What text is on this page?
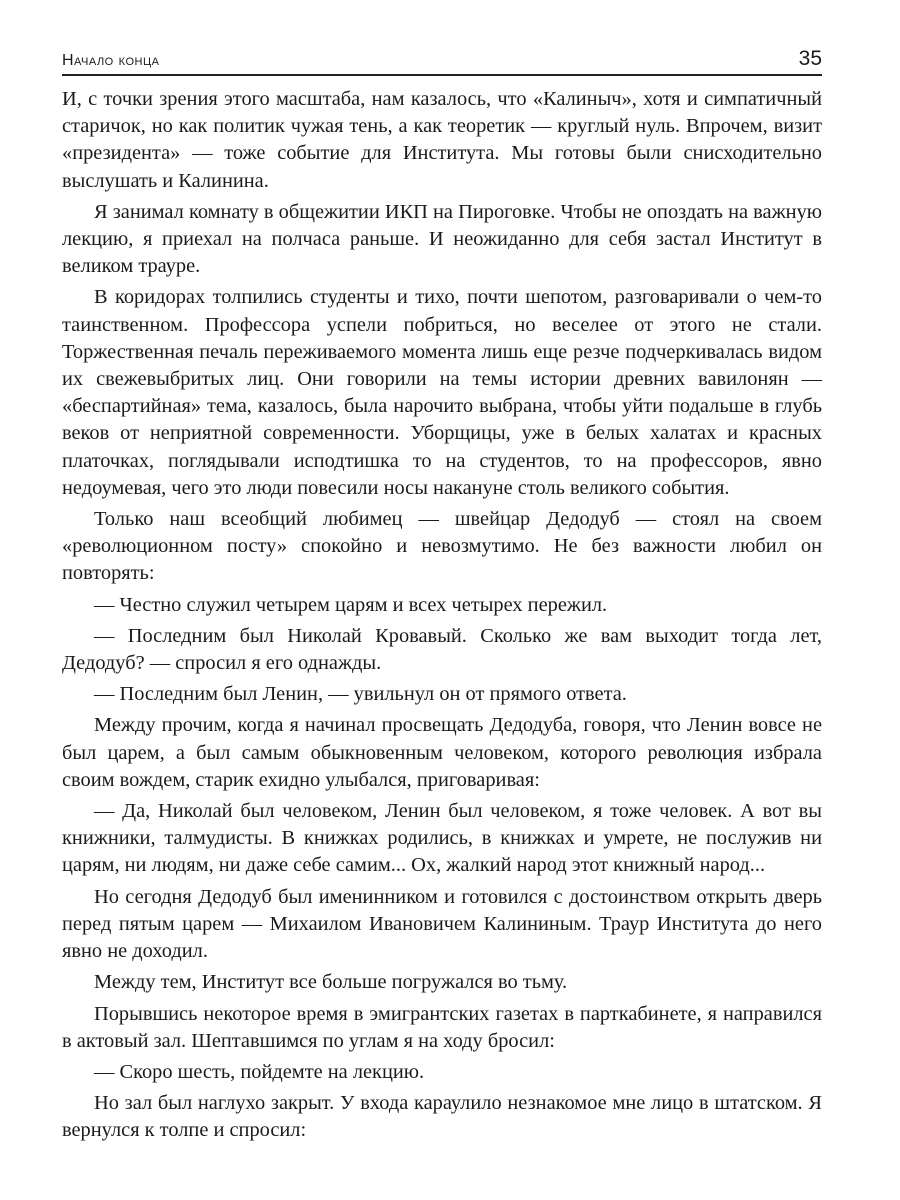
Начало конца	35

И, с точки зрения этого масштаба, нам казалось, что «Калиныч», хотя и симпатичный старичок, но как политик чужая тень, а как теоретик — круглый нуль. Впрочем, визит «президента» — тоже событие для Института. Мы готовы были снисходительно выслушать и Калинина.

Я занимал комнату в общежитии ИКП на Пироговке. Чтобы не опоздать на важную лекцию, я приехал на полчаса раньше. И неожиданно для себя застал Институт в великом трауре.

В коридорах толпились студенты и тихо, почти шепотом, разговаривали о чем-то таинственном. Профессора успели побриться, но веселее от этого не стали. Торжественная печаль переживаемого момента лишь еще резче подчеркивалась видом их свежевыбритых лиц. Они говорили на темы истории древних вавилонян — «беспартийная» тема, казалось, была нарочито выбрана, чтобы уйти подальше в глубь веков от неприятной современности. Уборщицы, уже в белых халатах и красных платочках, поглядывали исподтишка то на студентов, то на профессоров, явно недоумевая, чего это люди повесили носы накануне столь великого события.

Только наш всеобщий любимец — швейцар Дедодуб — стоял на своем «революционном посту» спокойно и невозмутимо. Не без важности любил он повторять:

— Честно служил четырем царям и всех четырех пережил.

— Последним был Николай Кровавый. Сколько же вам выходит тогда лет, Дедодуб? — спросил я его однажды.

— Последним был Ленин, — увильнул он от прямого ответа.

Между прочим, когда я начинал просвещать Дедодуба, говоря, что Ленин вовсе не был царем, а был самым обыкновенным человеком, которого революция избрала своим вождем, старик ехидно улыбался, приговаривая:

— Да, Николай был человеком, Ленин был человеком, я тоже человек. А вот вы книжники, талмудисты. В книжках родились, в книжках и умрете, не послужив ни царям, ни людям, ни даже себе самим... Ох, жалкий народ этот книжный народ...

Но сегодня Дедодуб был именинником и готовился с достоинством открыть дверь перед пятым царем — Михаилом Ивановичем Калининым. Траур Института до него явно не доходил.

Между тем, Институт все больше погружался во тьму.

Порывшись некоторое время в эмигрантских газетах в парткабинете, я направился в актовый зал. Шептавшимся по углам я на ходу бросил:

— Скоро шесть, пойдемте на лекцию.

Но зал был наглухо закрыт. У входа караулило незнакомое мне лицо в штатском. Я вернулся к толпе и спросил:
